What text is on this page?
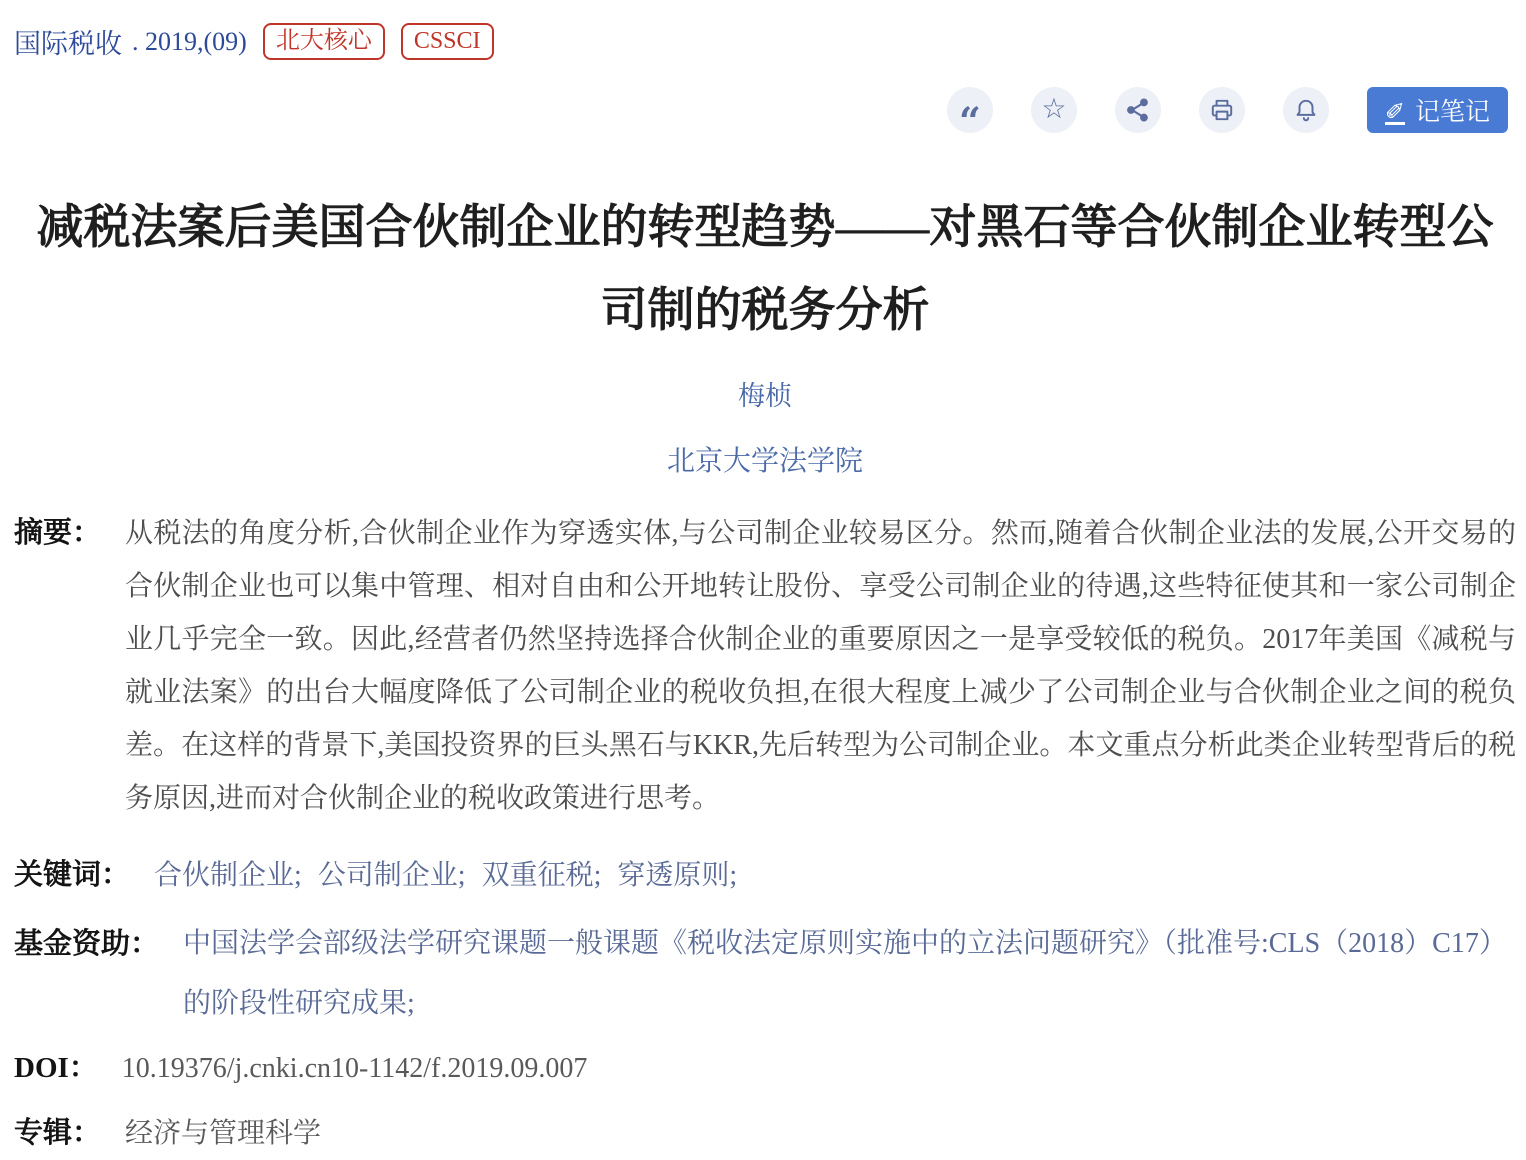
国际税收 . 2019,(09)	北大核心	CSSCI
“ ☆	✎ 记笔记
减税法案后美国合伙制企业的转型趋势——对黑石等合伙制企业转型公司制的税务分析
梅桢
北京大学法学院
摘要： 从税法的角度分析,合伙制企业作为穿透实体,与公司制企业较易区分。然而,随着合伙制企业法的发展,公开交易的合伙制企业也可以集中管理、相对自由和公开地转让股份、享受公司制企业的待遇,这些特征使其和一家公司制企业几乎完全一致。因此,经营者仍然坚持选择合伙制企业的重要原因之一是享受较低的税负。2017年美国《减税与就业法案》的出台大幅度降低了公司制企业的税收负担,在很大程度上减少了公司制企业与合伙制企业之间的税负差。在这样的背景下,美国投资界的巨头黑石与KKR,先后转型为公司制企业。本文重点分析此类企业转型背后的税务原因,进而对合伙制企业的税收政策进行思考。

关键词： 合伙制企业; 公司制企业; 双重征税; 穿透原则;
基金资助： 中国法学会部级法学研究课题一般课题《税收法定原则实施中的立法问题研究》（批准号:CLS（2018）C17）
的阶段性研究成果;
DOI： 10.19376/j.cnki.cn10-1142/f.2019.09.007
专辑： 经济与管理科学
